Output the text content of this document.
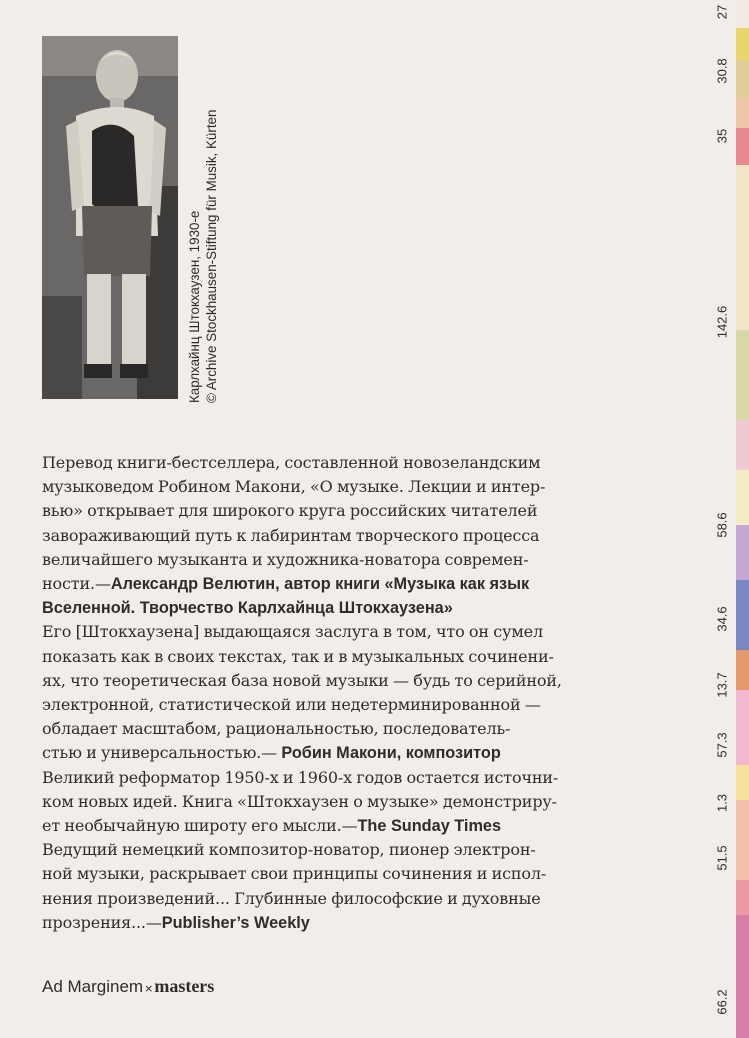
Карлхайнц Штокхаузен, 1930-е © Archive Stockhausen-Stiftung für Musik, Kürten
Перевод книги-бестселлера, составленной новозеландским
музыковедом Робином Макони, «О музыке. Лекции и интер-
вью» открывает для широкого круга российских читателей
завораживающий путь к лабиринтам творческого процесса
величайшего музыканта и художника-новатора современ-
ности.—Александр Велютин, автор книги «Музыка как язык
Вселенной. Творчество Карлхайнца Штокхаузена»
Его [Штокхаузена] выдающаяся заслуга в том, что он сумел
показать как в своих текстах, так и в музыкальных сочинени-
ях, что теоретическая база новой музыки — будь то серийной,
электронной, статистической или недетерминированной —
обладает масштабом, рациональностью, последователь-
стью и универсальностью.— Робин Макони, композитор
Великий реформатор 1950-х и 1960-х годов остается источни-
ком новых идей. Книга «Штокхаузен о музыке» демонстриру-
ет необычайную широту его мысли.—The Sunday Times
Ведущий немецкий композитор-новатор, пионер электрон-
ной музыки, раскрывает свои принципы сочинения и испол-
нения произведений... Глубинные философские и духовные
прозрения...—Publisher’s Weekly
Ad Marginem×masters
27
30.8
35
142.6
58.6
34.6
13.7
57.3
1.3
51.5
66.2
